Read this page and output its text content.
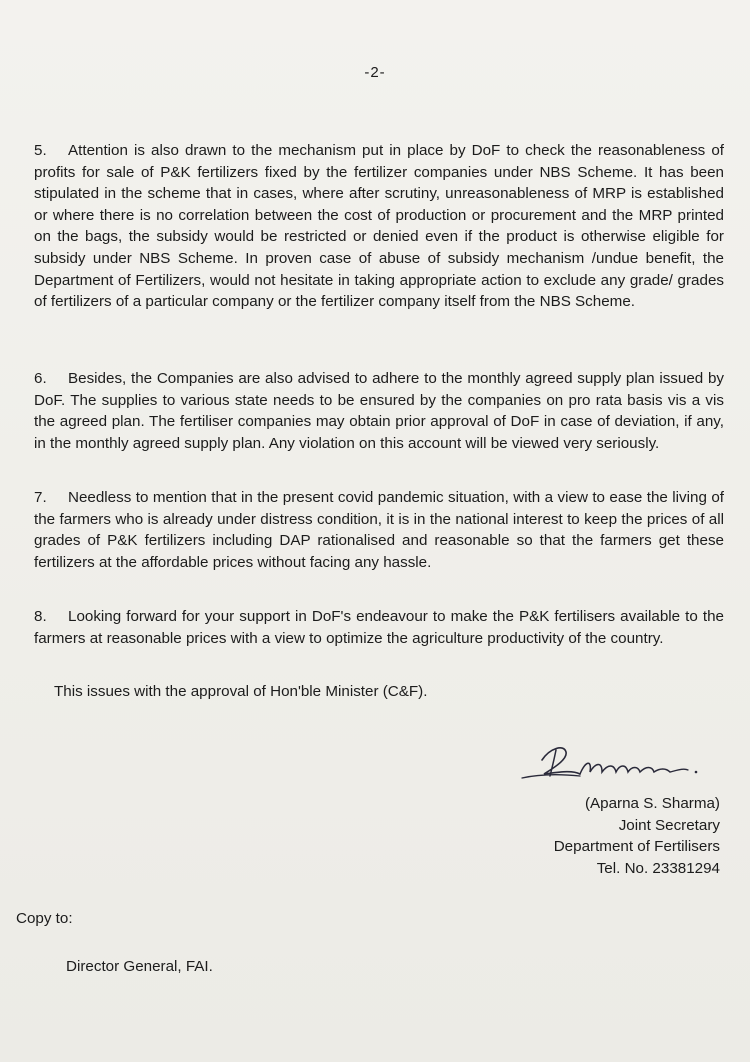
-2-

5. Attention is also drawn to the mechanism put in place by DoF to check the reasonableness of profits for sale of P&K fertilizers fixed by the fertilizer companies under NBS Scheme. It has been stipulated in the scheme that in cases, where after scrutiny, unreasonableness of MRP is established or where there is no correlation between the cost of production or procurement and the MRP printed on the bags, the subsidy would be restricted or denied even if the product is otherwise eligible for subsidy under NBS Scheme. In proven case of abuse of subsidy mechanism /undue benefit, the Department of Fertilizers, would not hesitate in taking appropriate action to exclude any grade/ grades of fertilizers of a particular company or the fertilizer company itself from the NBS Scheme.

6. Besides, the Companies are also advised to adhere to the monthly agreed supply plan issued by DoF. The supplies to various state needs to be ensured by the companies on pro rata basis vis a vis the agreed plan. The fertiliser companies may obtain prior approval of DoF in case of deviation, if any, in the monthly agreed supply plan. Any violation on this account will be viewed very seriously.

7. Needless to mention that in the present covid pandemic situation, with a view to ease the living of the farmers who is already under distress condition, it is in the national interest to keep the prices of all grades of P&K fertilizers including DAP rationalised and reasonable so that the farmers get these fertilizers at the affordable prices without facing any hassle.

8. Looking forward for your support in DoF's endeavour to make the P&K fertilisers available to the farmers at reasonable prices with a view to optimize the agriculture productivity of the country.

This issues with the approval of Hon'ble Minister (C&F).

(Aparna S. Sharma)
Joint Secretary
Department of Fertilisers
Tel. No. 23381294

Copy to:

Director General, FAI.
